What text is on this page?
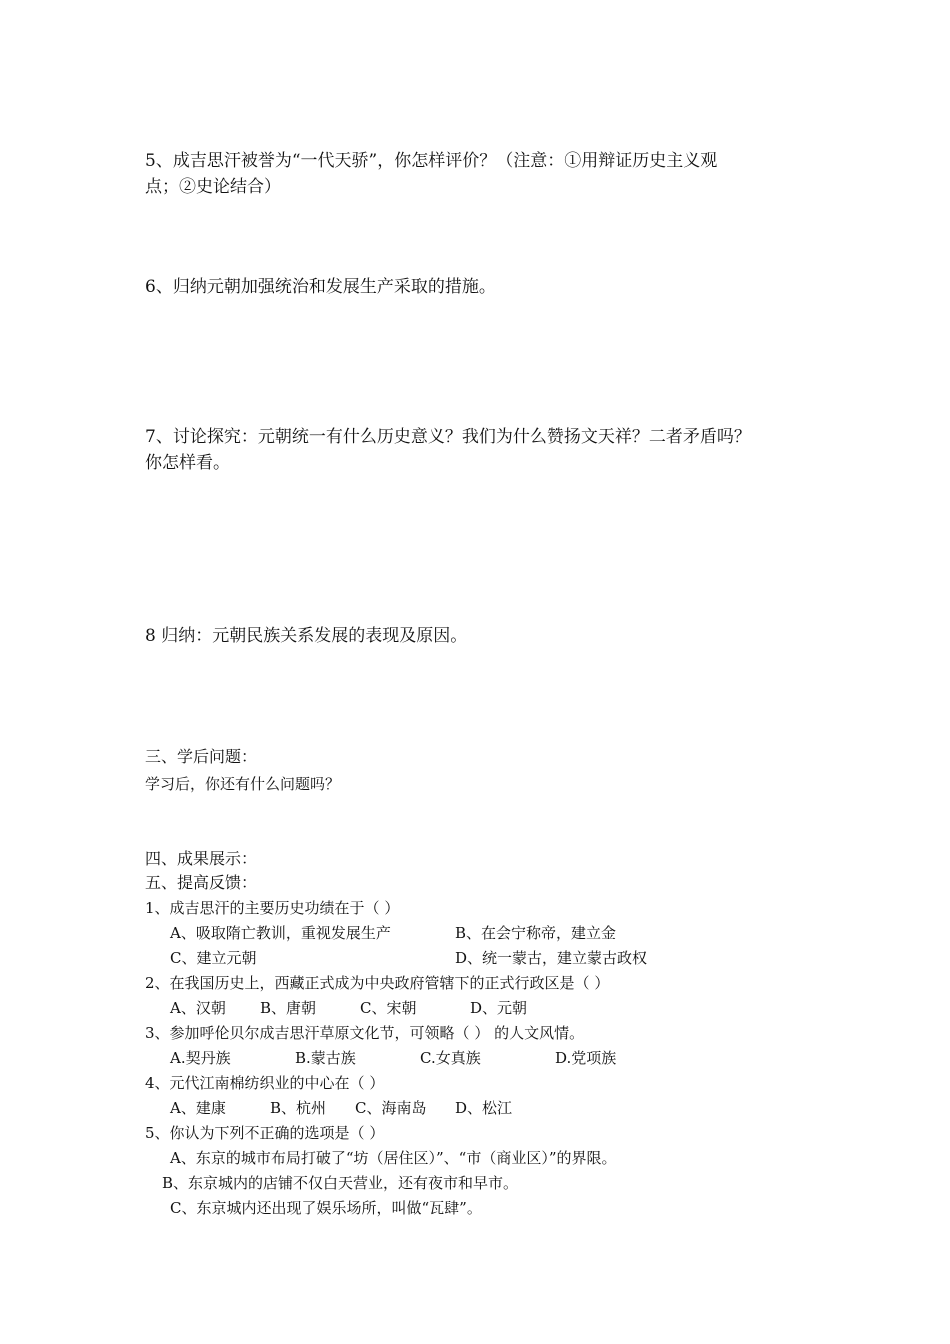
5、成吉思汗被誉为“一代天骄”，你怎样评价？（注意：①用辩证历史主义观

点；②史论结合）

6、归纳元朝加强统治和发展生产采取的措施。

7、讨论探究：元朝统一有什么历史意义？我们为什么赞扬文天祥？二者矛盾吗？

你怎样看。

8 归纳：元朝民族关系发展的表现及原因。

三、学后问题：

学习后，你还有什么问题吗？

四、成果展示：

五、提高反馈：

1、成吉思汗的主要历史功绩在于（ ）

A、吸取隋亡教训，重视发展生产	B、在会宁称帝，建立金

C、建立元朝	D、统一蒙古，建立蒙古政权

2、在我国历史上，西藏正式成为中央政府管辖下的正式行政区是（ ）

A、汉朝 B、唐朝	C、宋朝	D、元朝

3、参加呼伦贝尔成吉思汗草原文化节，可领略（ ） 的人文风情。

A.契丹族	B.蒙古族	C.女真族	D.党项族

4、元代江南棉纺织业的中心在（ ）

A、建康	B、杭州 C、海南岛 D、松江

5、你认为下列不正确的选项是（ ）

A、东京的城市布局打破了“坊（居住区）”、“市（商业区）”的界限。

B、东京城内的店铺不仅白天营业，还有夜市和早市。

C、东京城内还出现了娱乐场所，叫做“瓦肆”。
